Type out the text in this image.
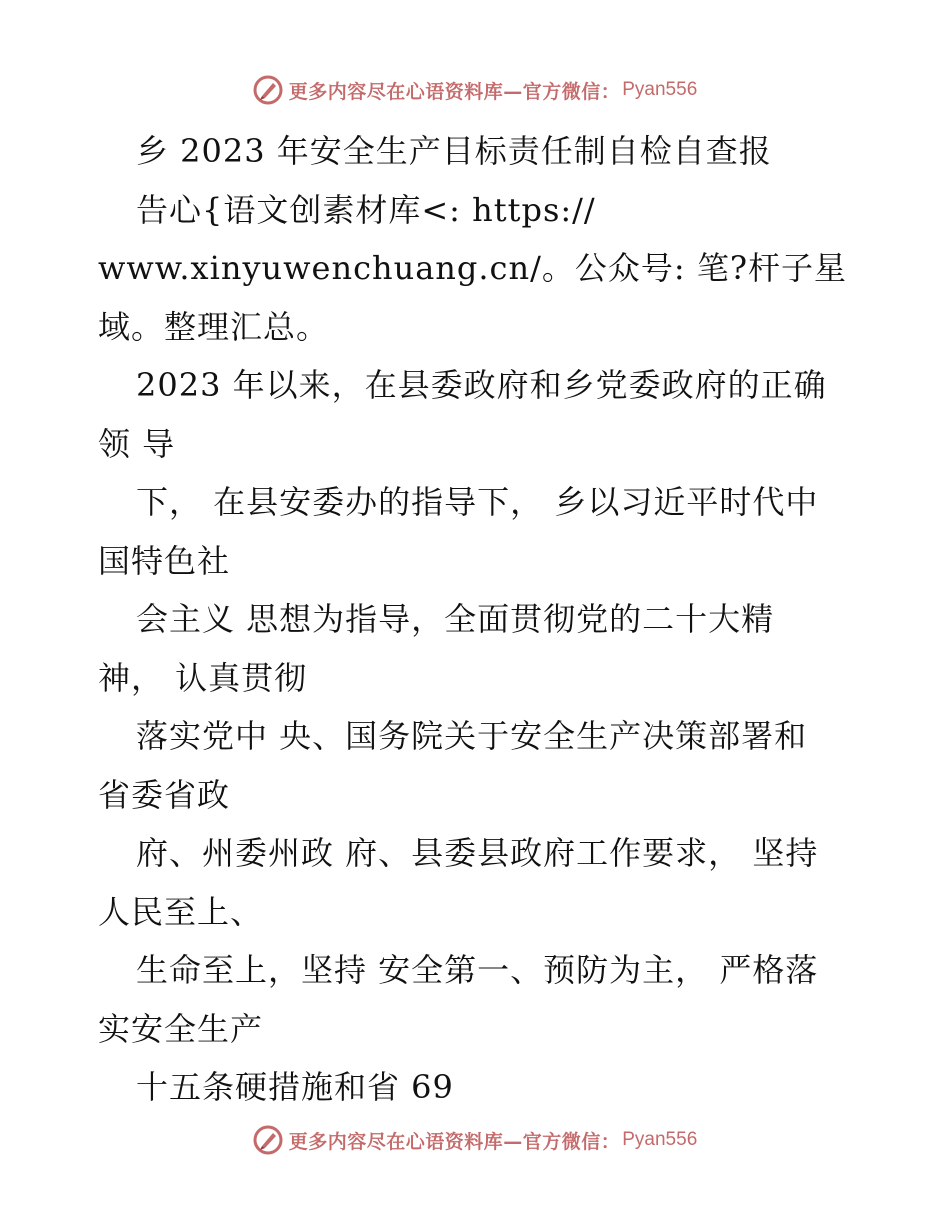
更多内容尽在心语资料库—官方微信： Pyan556
乡 2023 年安全生产目标责任制自检自查报
告心{语文创素材库<: https://
www.xinyuwenchuang.cn/。公众号: 笔?杆子星
域。整理汇总。
2023 年以来，在县委政府和乡党委政府的正确
领 导
下， 在县安委办的指导下， 乡以习近平时代中
国特色社
会主义 思想为指导，全面贯彻党的二十大精
神， 认真贯彻
落实党中 央、国务院关于安全生产决策部署和
省委省政
府、州委州政 府、县委县政府工作要求， 坚持
人民至上、
生命至上，坚持 安全第一、预防为主， 严格落
实安全生产
十五条硬措施和省 69
更多内容尽在心语资料库—官方微信： Pyan556
